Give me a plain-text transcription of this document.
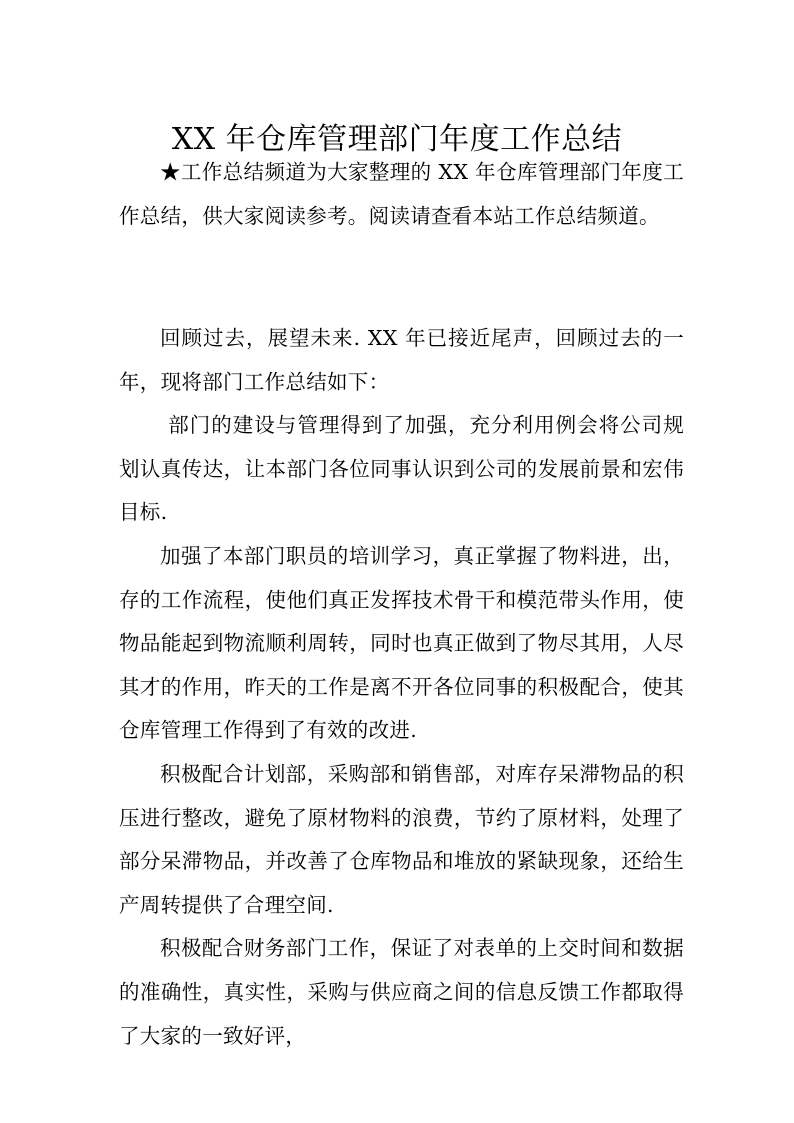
XX 年仓库管理部门年度工作总结

★工作总结频道为大家整理的 XX 年仓库管理部门年度工作总结，供大家阅读参考。阅读请查看本站工作总结频道。

回顾过去，展望未来. XX 年已接近尾声，回顾过去的一年，现将部门工作总结如下：

部门的建设与管理得到了加强，充分利用例会将公司规划认真传达，让本部门各位同事认识到公司的发展前景和宏伟目标.

加强了本部门职员的培训学习，真正掌握了物料进，出，存的工作流程，使他们真正发挥技术骨干和模范带头作用，使物品能起到物流顺利周转，同时也真正做到了物尽其用，人尽其才的作用，昨天的工作是离不开各位同事的积极配合，使其仓库管理工作得到了有效的改进.

积极配合计划部，采购部和销售部，对库存呆滞物品的积压进行整改，避免了原材物料的浪费，节约了原材料，处理了部分呆滞物品，并改善了仓库物品和堆放的紧缺现象，还给生产周转提供了合理空间.

积极配合财务部门工作，保证了对表单的上交时间和数据的准确性，真实性，采购与供应商之间的信息反馈工作都取得了大家的一致好评，
